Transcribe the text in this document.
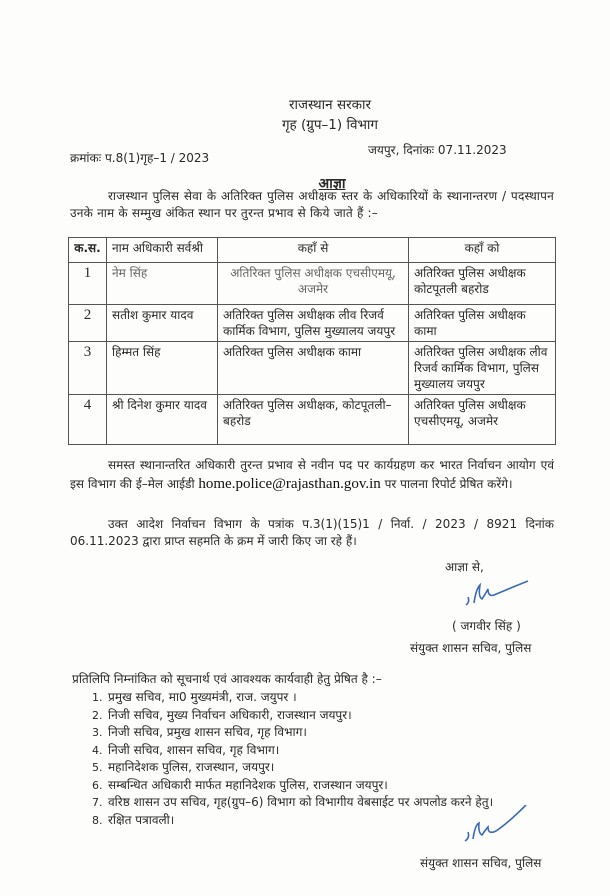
राजस्थान सरकार
गृह (ग्रुप–1) विभाग
क्रमांकः प.8(1)गृह–1 / 2023
जयपुर, दिनांकः 07.11.2023
आज्ञा
राजस्थान पुलिस सेवा के अतिरिक्त पुलिस अधीक्षक स्तर के अधिकारियों के स्थानान्तरण / पदस्थापन उनके नाम के सम्मुख अंकित स्थान पर तुरन्त प्रभाव से किये जाते हैं :–
क.स.	नाम अधिकारी सर्वश्री	कहाँ से	कहाँ को
1	नेम सिंह	अतिरिक्त पुलिस अधीक्षक एचसीएमयू, अजमेर	अतिरिक्त पुलिस अधीक्षक कोटपूतली बहरोड
2	सतीश कुमार यादव	अतिरिक्त पुलिस अधीक्षक लीव रिजर्व कार्मिक विभाग, पुलिस मुख्यालय जयपुर	अतिरिक्त पुलिस अधीक्षक कामा
3	हिम्मत सिंह	अतिरिक्त पुलिस अधीक्षक कामा	अतिरिक्त पुलिस अधीक्षक लीव रिजर्व कार्मिक विभाग, पुलिस मुख्यालय जयपुर
4	श्री दिनेश कुमार यादव	अतिरिक्त पुलिस अधीक्षक, कोटपूतली–बहरोड	अतिरिक्त पुलिस अधीक्षक एचसीएमयू, अजमेर
समस्त स्थानान्तरित अधिकारी तुरन्त प्रभाव से नवीन पद पर कार्यग्रहण कर भारत निर्वाचन आयोग एवं इस विभाग की ई–मेल आईडी home.police@rajasthan.gov.in पर पालना रिपोर्ट प्रेषित करेंगे।
उक्त आदेश निर्वाचन विभाग के पत्रांक प.3(1)(15)1 / निर्वा. / 2023 / 8921 दिनांक 06.11.2023 द्वारा प्राप्त सहमति के क्रम में जारी किए जा रहे हैं।
आज्ञा से,
( जगवीर सिंह )
संयुक्त शासन सचिव, पुलिस
प्रतिलिपि निम्नांकित को सूचनार्थ एवं आवश्यक कार्यवाही हेतु प्रेषित है :–
1. प्रमुख सचिव, मा0 मुख्यमंत्री, राज. जयुपर ।
2. निजी सचिव, मुख्य निर्वाचन अधिकारी, राजस्थान जयपुर।
3. निजी सचिव, प्रमुख शासन सचिव, गृह विभाग।
4. निजी सचिव, शासन सचिव, गृह विभाग।
5. महानिदेशक पुलिस, राजस्थान, जयपुर।
6. सम्बन्धित अधिकारी मार्फत महानिदेशक पुलिस, राजस्थान जयपुर।
7. वरिष्ठ शासन उप सचिव, गृह(ग्रुप–6) विभाग को विभागीय वेबसाईट पर अपलोड करने हेतु।
8. रक्षित पत्रावली।
संयुक्त शासन सचिव, पुलिस
